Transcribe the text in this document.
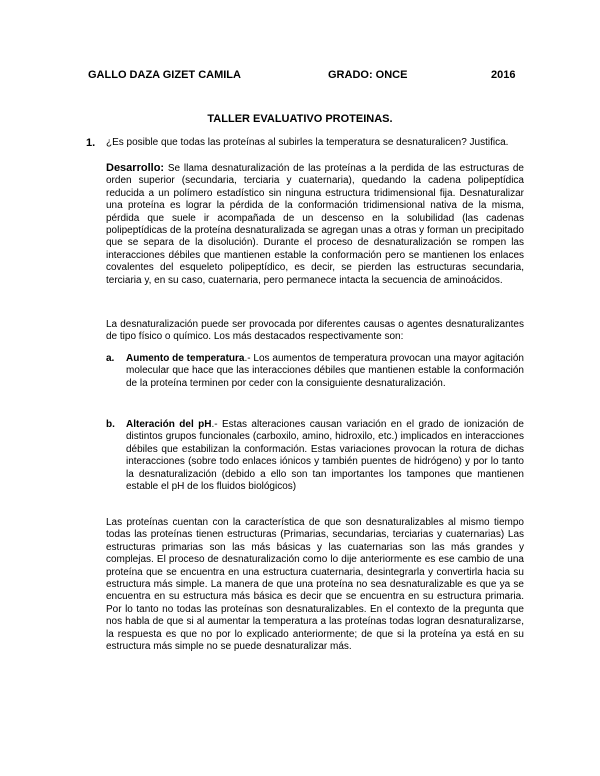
GALLO DAZA GIZET CAMILA	GRADO: ONCE	2016
TALLER EVALUATIVO PROTEINAS.
1. ¿Es posible que todas las proteínas al subirles la temperatura se desnaturalicen? Justifica.
Desarrollo: Se llama desnaturalización de las proteínas a la perdida de las estructuras de orden superior (secundaria, terciaria y cuaternaria), quedando la cadena polipeptídica reducida a un polímero estadístico sin ninguna estructura tridimensional fija. Desnaturalizar una proteína es lograr la pérdida de la conformación tridimensional nativa de la misma, pérdida que suele ir acompañada de un descenso en la solubilidad (las cadenas polipeptídicas de la proteína desnaturalizada se agregan unas a otras y forman un precipitado que se separa de la disolución). Durante el proceso de desnaturalización se rompen las interacciones débiles que mantienen estable la conformación pero se mantienen los enlaces covalentes del esqueleto polipeptídico, es decir, se pierden las estructuras secundaria, terciaria y, en su caso, cuaternaria, pero permanece intacta la secuencia de aminoácidos.
La desnaturalización puede ser provocada por diferentes causas o agentes desnaturalizantes de tipo físico o químico. Los más destacados respectivamente son:
a. Aumento de temperatura.- Los aumentos de temperatura provocan una mayor agitación molecular que hace que las interacciones débiles que mantienen estable la conformación de la proteína terminen por ceder con la consiguiente desnaturalización.
b. Alteración del pH.- Estas alteraciones causan variación en el grado de ionización de distintos grupos funcionales (carboxilo, amino, hidroxilo, etc.) implicados en interacciones débiles que estabilizan la conformación. Estas variaciones provocan la rotura de dichas interacciones (sobre todo enlaces iónicos y también puentes de hidrógeno) y por lo tanto la desnaturalización (debido a ello son tan importantes los tampones que mantienen estable el pH de los fluidos biológicos)
Las proteínas cuentan con la característica de que son desnaturalizables al mismo tiempo todas las proteínas tienen estructuras (Primarias, secundarias, terciarias y cuaternarias) Las estructuras primarias son las más básicas y las cuaternarias son las más grandes y complejas. El proceso de desnaturalización como lo dije anteriormente es ese cambio de una proteína que se encuentra en una estructura cuaternaria, desintegrarla y convertirla hacia su estructura más simple. La manera de que una proteína no sea desnaturalizable es que ya se encuentra en su estructura más básica es decir que se encuentra en su estructura primaria. Por lo tanto no todas las proteínas son desnaturalizables. En el contexto de la pregunta que nos habla de que si al aumentar la temperatura a las proteínas todas logran desnaturalizarse, la respuesta es que no por lo explicado anteriormente; de que si la proteína ya está en su estructura más simple no se puede desnaturalizar más.
